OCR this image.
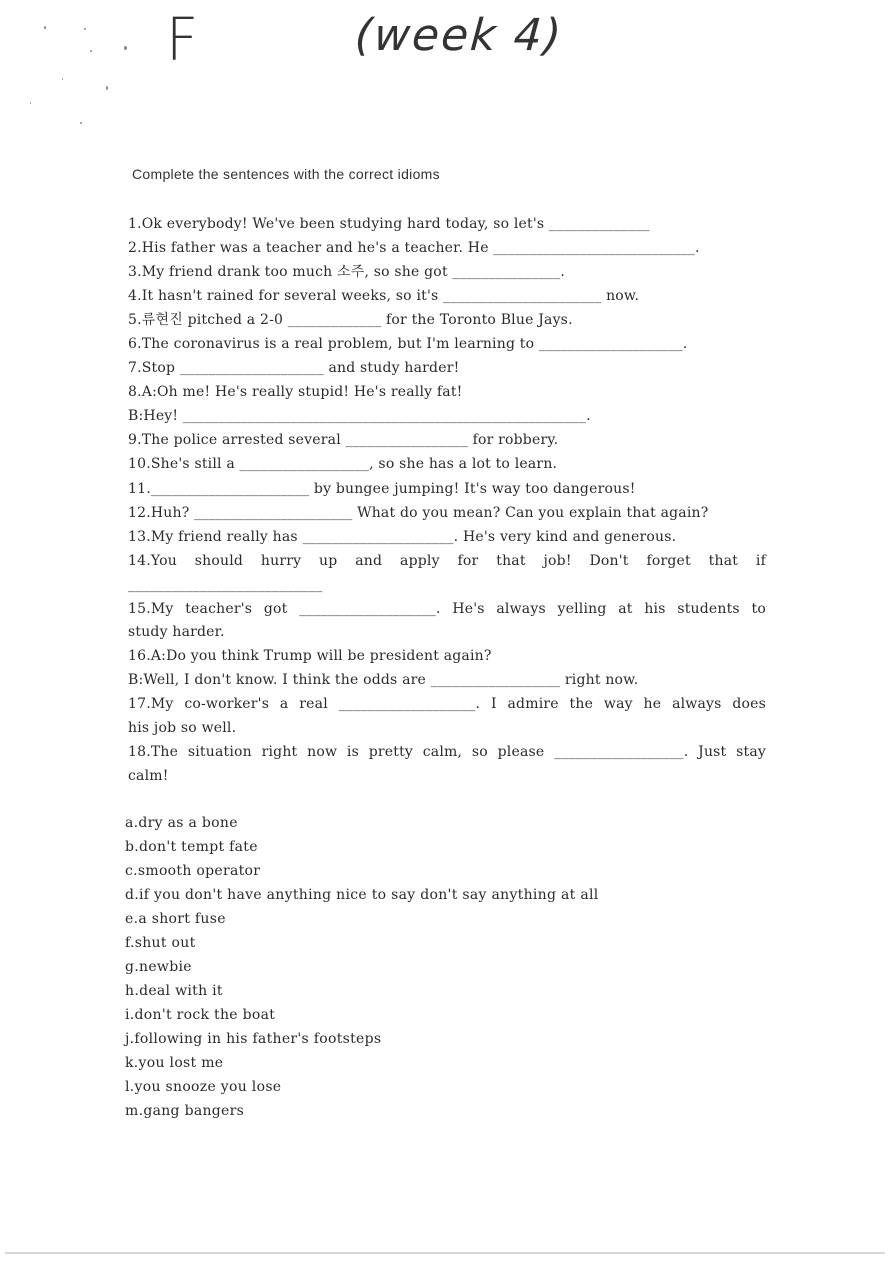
F	(week 4)
Complete the sentences with the correct idioms
1.Ok everybody! We've been studying hard today, so let's ______________
2.His father was a teacher and he's a teacher. He ____________________________.
3.My friend drank too much 소주, so she got _______________.
4.It hasn't rained for several weeks, so it's ______________________ now.
5.류현진 pitched a 2-0 _____________ for the Toronto Blue Jays.
6.The coronavirus is a real problem, but I'm learning to ____________________.
7.Stop ____________________ and study harder!
8.A:Oh me! He's really stupid! He's really fat!
B:Hey! ________________________________________________________.
9.The police arrested several _________________ for robbery.
10.She's still a __________________, so she has a lot to learn.
11.______________________ by bungee jumping! It's way too dangerous!
12.Huh? ______________________ What do you mean? Can you explain that again?
13.My friend really has _____________________. He's very kind and generous.
14.You should hurry up and apply for that job! Don't forget that if
___________________________
15.My teacher's got ___________________. He's always yelling at his students to
study harder.
16.A:Do you think Trump will be president again?
B:Well, I don't know. I think the odds are __________________ right now.
17.My co-worker's a real ___________________. I admire the way he always does
his job so well.
18.The situation right now is pretty calm, so please __________________. Just stay
calm!
a.dry as a bone
b.don't tempt fate
c.smooth operator
d.if you don't have anything nice to say don't say anything at all
e.a short fuse
f.shut out
g.newbie
h.deal with it
i.don't rock the boat
j.following in his father's footsteps
k.you lost me
l.you snooze you lose
m.gang bangers
